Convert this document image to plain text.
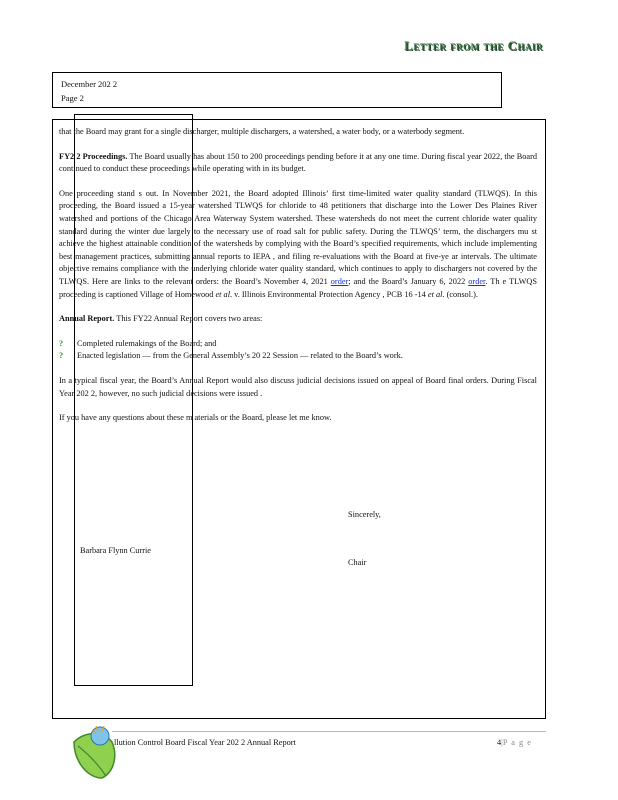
Letter from the Chair
December 202 2
Page 2

that the Board may grant for a single discharger, multiple dischargers, a watershed, a water body, or a waterbody segment.

FY2 2 Proceedings. The Board usually has about 150 to 200 proceedings pending before it at any one time. During fiscal year 2022, the Board continued to conduct these proceedings while operating with in its budget.

One proceeding stand s out. In November 2021, the Board adopted Illinois’ first time-limited water quality standard (TLWQS). In this proceeding, the Board issued a 15-year watershed TLWQS for chloride to 48 petitioners that discharge into the Lower Des Plaines River watershed and portions of the Chicago Area Waterway System watershed. These watersheds do not meet the current chloride water quality standard during the winter due largely to the necessary use of road salt for public safety. During the TLWQS’ term, the dischargers mu st achieve the highest attainable condition of the watersheds by complying with the Board’s specified requirements, which include implementing best management practices, submitting annual reports to IEPA , and filing re-evaluations with the Board at five-ye ar intervals. The ultimate objective remains compliance with the underlying chloride water quality standard, which continues to apply to dischargers not covered by the TLWQS. Here are links to the relevant orders: the Board’s November 4, 2021 order; and the Board’s January 6, 2022 order. Th e TLWQS proceeding is captioned Village of Homewood et al. v. Illinois Environmental Protection Agency , PCB 16 -14 et al. (consol.).

Annual Report. This FY22 Annual Report covers two areas:

?	Completed rulemakings of the Board; and
?	Enacted legislation — from the General Assembly’s 20 22 Session — related to the Board’s work.

In a typical fiscal year, the Board’s Annual Report would also discuss judicial decisions issued on appeal of Board final orders. During Fiscal Year 202 2, however, no such judicial decisions were issued .

If you have any questions about these m aterials or the Board, please let me know.

Sincerely,
Barbara Flynn Currie
Chair
llution Control Board Fiscal Year 202 2 Annual Report	4|P a g e
